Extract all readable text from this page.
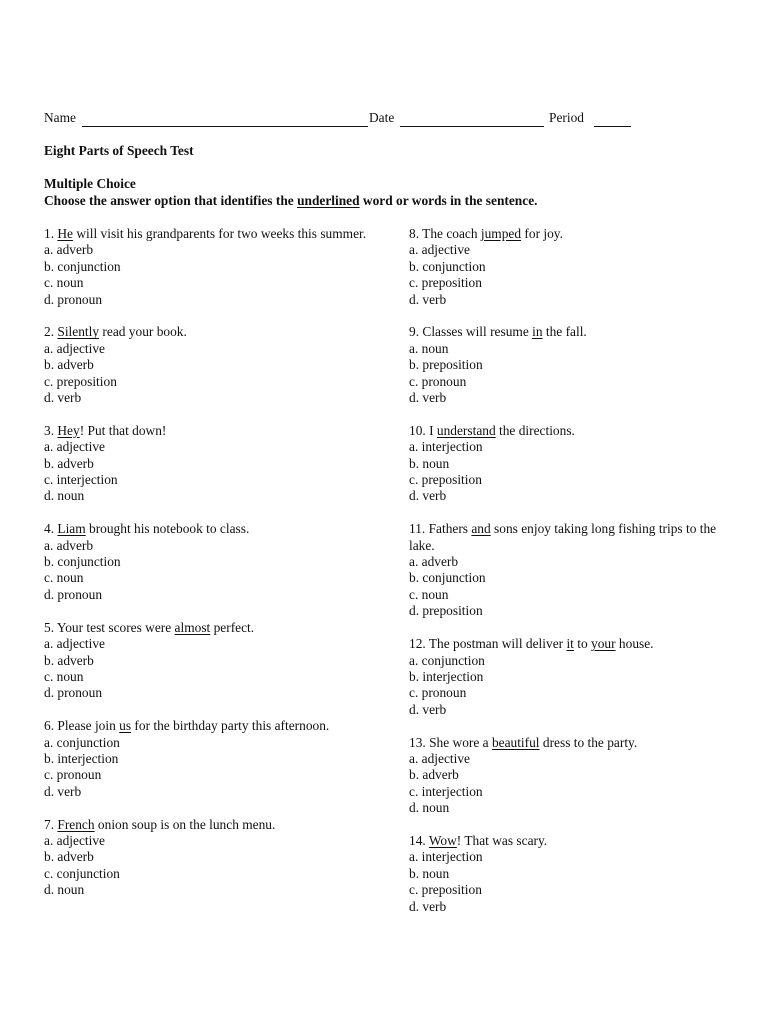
Name	Date	Period
Eight Parts of Speech Test
Multiple Choice
Choose the answer option that identifies the underlined word or words in the sentence.
1. He will visit his grandparents for two weeks this summer.
a. adverb
b. conjunction
c. noun
d. pronoun
2. Silently read your book.
a. adjective
b. adverb
c. preposition
d. verb
3. Hey! Put that down!
a. adjective
b. adverb
c. interjection
d. noun
4. Liam brought his notebook to class.
a. adverb
b. conjunction
c. noun
d. pronoun
5. Your test scores were almost perfect.
a. adjective
b. adverb
c. noun
d. pronoun
6. Please join us for the birthday party this afternoon.
a. conjunction
b. interjection
c. pronoun
d. verb
7. French onion soup is on the lunch menu.
a. adjective
b. adverb
c. conjunction
d. noun
8. The coach jumped for joy.
a. adjective
b. conjunction
c. preposition
d. verb
9. Classes will resume in the fall.
a. noun
b. preposition
c. pronoun
d. verb
10. I understand the directions.
a. interjection
b. noun
c. preposition
d. verb
11. Fathers and sons enjoy taking long fishing trips to the lake.
a. adverb
b. conjunction
c. noun
d. preposition
12. The postman will deliver it to your house.
a. conjunction
b. interjection
c. pronoun
d. verb
13. She wore a beautiful dress to the party.
a. adjective
b. adverb
c. interjection
d. noun
14. Wow! That was scary.
a. interjection
b. noun
c. preposition
d. verb
